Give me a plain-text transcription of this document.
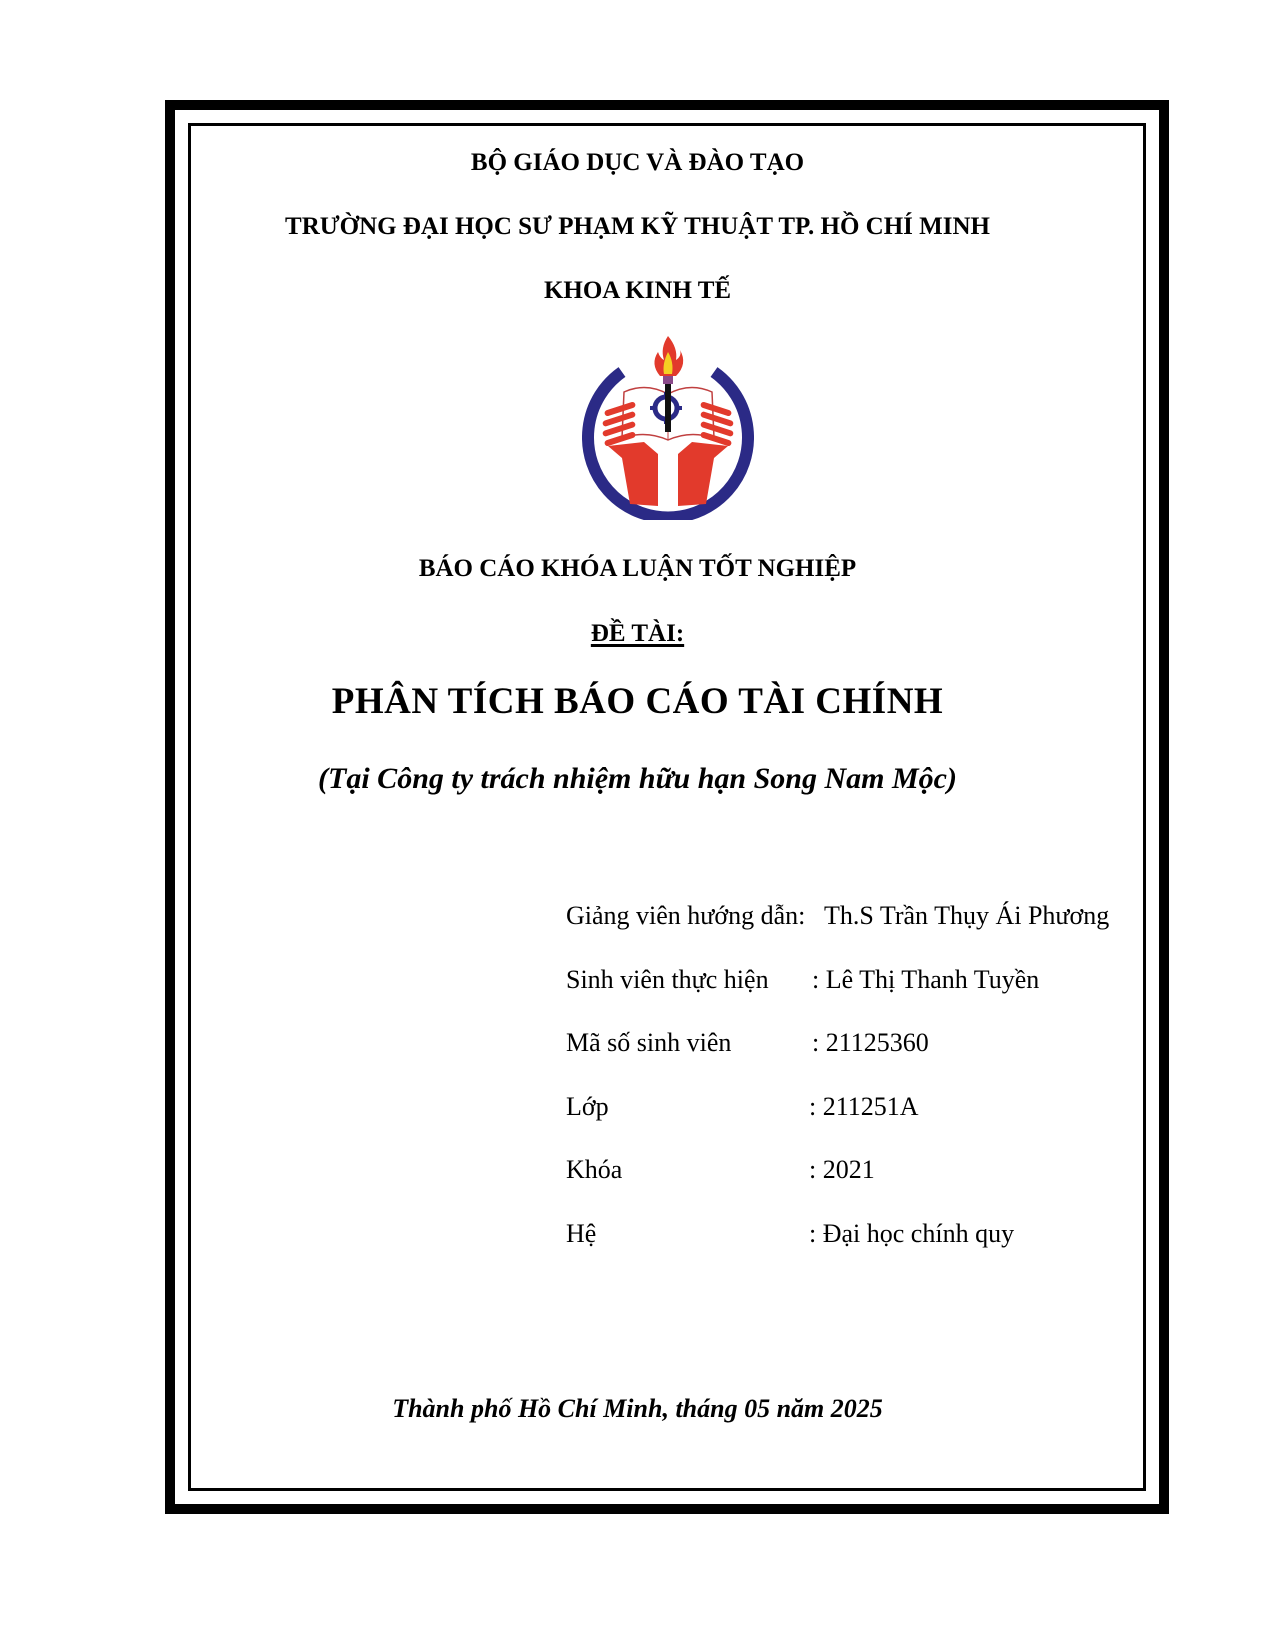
BỘ GIÁO DỤC VÀ ĐÀO TẠO
TRƯỜNG ĐẠI HỌC SƯ PHẠM KỸ THUẬT TP. HỒ CHÍ MINH
KHOA KINH TẾ
BÁO CÁO KHÓA LUẬN TỐT NGHIỆP
ĐỀ TÀI:
PHÂN TÍCH BÁO CÁO TÀI CHÍNH
(Tại Công ty trách nhiệm hữu hạn Song Nam Mộc)
Giảng viên hướng dẫn: Th.S Trần Thụy Ái Phương
Sinh viên thực hiện : Lê Thị Thanh Tuyền
Mã số sinh viên	: 21125360
Lớp	: 211251A
Khóa	: 2021
Hệ	: Đại học chính quy
Thành phố Hồ Chí Minh, tháng 05 năm 2025
